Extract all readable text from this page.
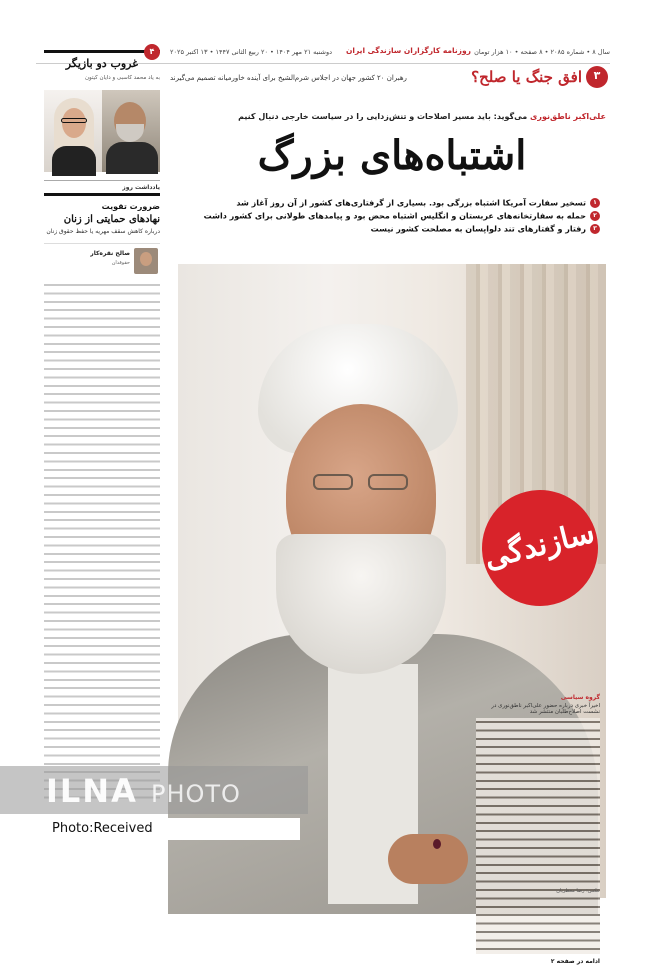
سال ۸ • شماره ۲۰۸۵ • ۸ صفحه • ۱۰ هزار تومان
روزنامه کارگزاران سازندگی ایران
دوشنبه ۲۱ مهر ۱۴۰۴ • ۲۰ ربیع الثانی ۱۴۴۷ • ۱۳ اکتبر ۲۰۲۵
۳
افق
افق جنگ یا صلح؟
رهبران ۲۰ کشور جهان در اجلاس شرم‌الشیخ برای آینده خاورمیانه تصمیم می‌گیرند
۴
غروب دو بازیگر
به یاد محمد کاسبی و دایان کیتون
یادداشت روز
ضرورت تقویت
نهادهای حمایتی از زنان
درباره کاهش سقف مهریه یا حفظ حقوق زنان
صالح نقره‌کار
حقوقدان
علی‌اکبر ناطق‌نوری می‌گوید: باید مسیر اصلاحات و تنش‌زدایی را در سیاست خارجی دنبال کنیم
اشتباه‌های بزرگ
۱تسخیر سفارت آمریکا اشتباه بزرگی بود. بسیاری از گرفتاری‌های کشور از آن روز آغاز شد
۲حمله به سفارتخانه‌های عربستان و انگلیس اشتباه محض بود و پیامدهای طولانی برای کشور داشت
۳رفتار و گفتارهای تند دلواپسان به مصلحت کشور نیست
سازندگی
گروه سیاسی
اخیراً خبری درباره حضور علی‌اکبر ناطق‌نوری در نشست اصلاح‌طلبان منتشر شد
ادامه در صفحه ۲
عکس: رضا معطریان
ILNA PHOTO
Photo:Received
